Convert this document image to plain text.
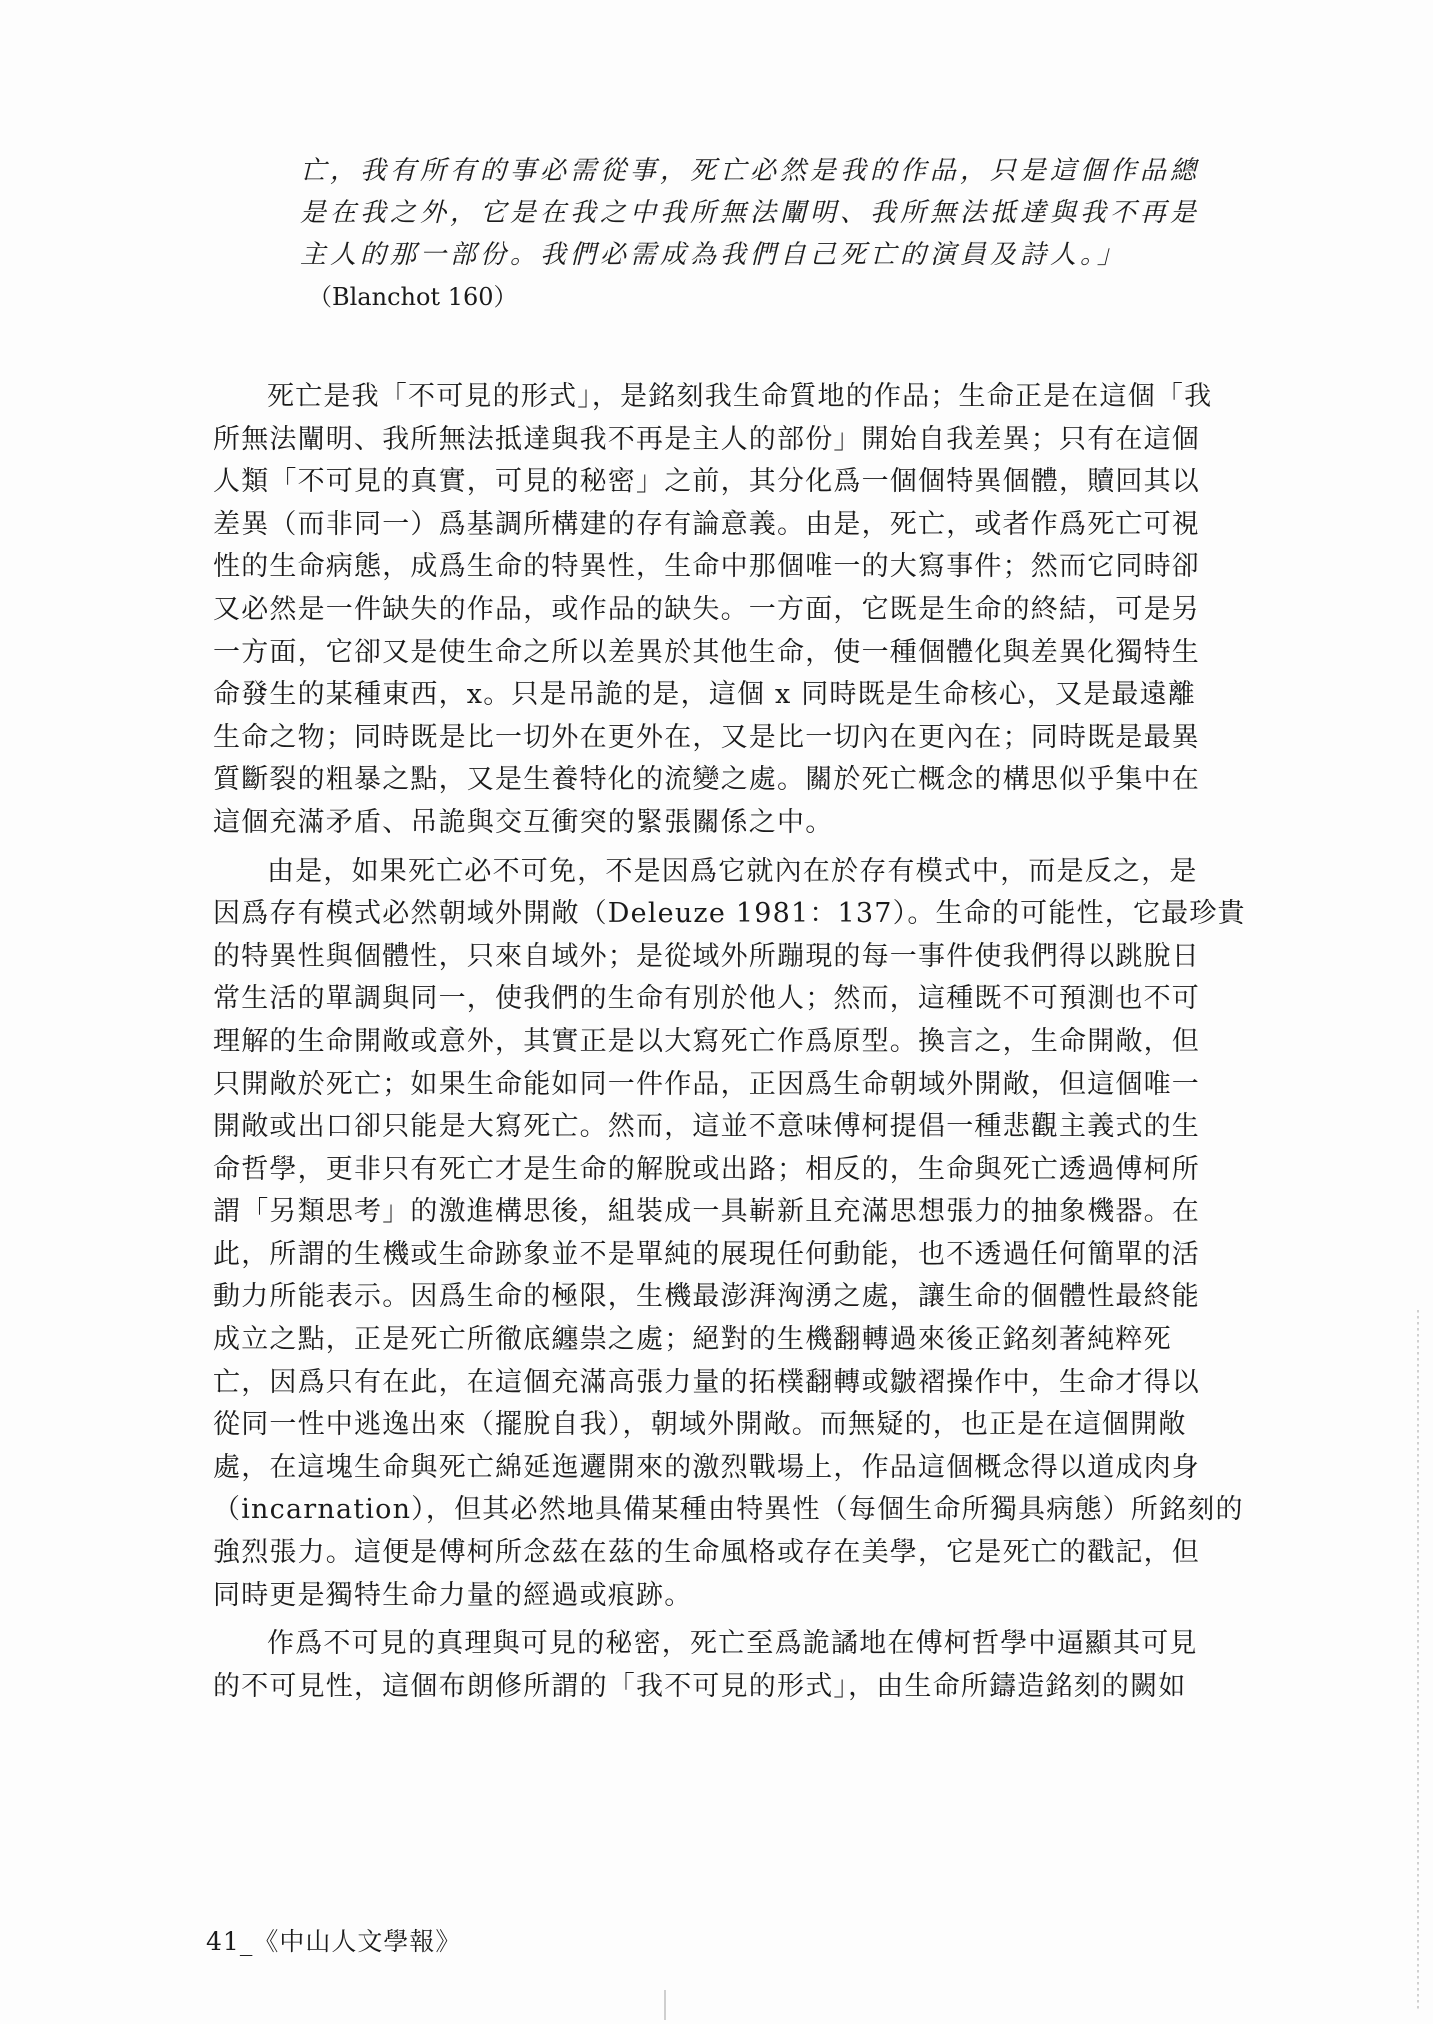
亡，我有所有的事必需從事，死亡必然是我的作品，只是這個作品總
是在我之外，它是在我之中我所無法闡明、我所無法抵達與我不再是
主人的那一部份。我們必需成為我們自己死亡的演員及詩人。」
（Blanchot 160）
死亡是我「不可見的形式」，是銘刻我生命質地的作品；生命正是在這個「我
所無法闡明、我所無法抵達與我不再是主人的部份」開始自我差異；只有在這個
人類「不可見的真實，可見的秘密」之前，其分化爲一個個特異個體，贖回其以
差異（而非同一）爲基調所構建的存有論意義。由是，死亡，或者作爲死亡可視
性的生命病態，成爲生命的特異性，生命中那個唯一的大寫事件；然而它同時卻
又必然是一件缺失的作品，或作品的缺失。一方面，它既是生命的終結，可是另
一方面，它卻又是使生命之所以差異於其他生命，使一種個體化與差異化獨特生
命發生的某種東西，x。只是吊詭的是，這個 x 同時既是生命核心，又是最遠離
生命之物；同時既是比一切外在更外在，又是比一切內在更內在；同時既是最異
質斷裂的粗暴之點，又是生養特化的流變之處。關於死亡概念的構思似乎集中在
這個充滿矛盾、吊詭與交互衝突的緊張關係之中。
由是，如果死亡必不可免，不是因爲它就內在於存有模式中，而是反之，是
因爲存有模式必然朝域外開敞（Deleuze 1981：137）。生命的可能性，它最珍貴
的特異性與個體性，只來自域外；是從域外所蹦現的每一事件使我們得以跳脫日
常生活的單調與同一，使我們的生命有別於他人；然而，這種既不可預測也不可
理解的生命開敞或意外，其實正是以大寫死亡作爲原型。換言之，生命開敞，但
只開敞於死亡；如果生命能如同一件作品，正因爲生命朝域外開敞，但這個唯一
開敞或出口卻只能是大寫死亡。然而，這並不意味傅柯提倡一種悲觀主義式的生
命哲學，更非只有死亡才是生命的解脫或出路；相反的，生命與死亡透過傅柯所
謂「另類思考」的激進構思後，組裝成一具嶄新且充滿思想張力的抽象機器。在
此，所謂的生機或生命跡象並不是單純的展現任何動能，也不透過任何簡單的活
動力所能表示。因爲生命的極限，生機最澎湃洶湧之處，讓生命的個體性最終能
成立之點，正是死亡所徹底纏祟之處；絕對的生機翻轉過來後正銘刻著純粹死
亡，因爲只有在此，在這個充滿高張力量的拓樸翻轉或皺褶操作中，生命才得以
從同一性中逃逸出來（擺脫自我），朝域外開敞。而無疑的，也正是在這個開敞
處，在這塊生命與死亡綿延迤邐開來的激烈戰場上，作品這個概念得以道成肉身
（incarnation），但其必然地具備某種由特異性（每個生命所獨具病態）所銘刻的
強烈張力。這便是傅柯所念茲在茲的生命風格或存在美學，它是死亡的戳記，但
同時更是獨特生命力量的經過或痕跡。
作爲不可見的真理與可見的秘密，死亡至爲詭譎地在傅柯哲學中逼顯其可見
的不可見性，這個布朗修所謂的「我不可見的形式」，由生命所鑄造銘刻的闕如
41_《中山人文學報》
